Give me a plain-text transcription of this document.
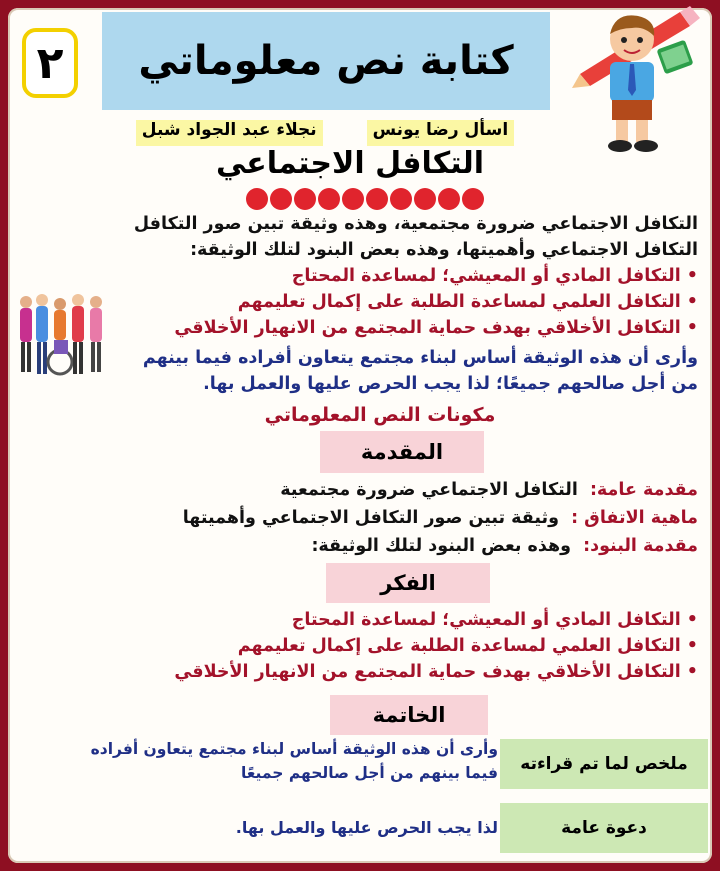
٢	كتابة نص معلوماتي
اسأل رضا يونس
نجلاء عبد الجواد شبل
التكافل الاجتماعي
التكافل الاجتماعي ضرورة مجتمعية، وهذه وثيقة تبين صور التكافل
التكافل الاجتماعي وأهميتها، وهذه بعض البنود لتلك الوثيقة:
• التكافل المادي أو المعيشي؛ لمساعدة المحتاج
• التكافل العلمي لمساعدة الطلبة على إكمال تعليمهم
• التكافل الأخلاقي بهدف حماية المجتمع من الانهيار الأخلاقي
وأرى أن هذه الوثيقة أساس لبناء مجتمع يتعاون أفراده فيما بينهم
من أجل صالحهم جميعًا؛ لذا يجب الحرص عليها والعمل بها.
مكونات النص المعلوماتي
المقدمة
مقدمة عامة: التكافل الاجتماعي ضرورة مجتمعية
ماهية الاتفاق : وثيقة تبين صور التكافل الاجتماعي وأهميتها
مقدمة البنود: وهذه بعض البنود لتلك الوثيقة:
الفكر
• التكافل المادي أو المعيشي؛ لمساعدة المحتاج
• التكافل العلمي لمساعدة الطلبة على إكمال تعليمهم
• التكافل الأخلاقي بهدف حماية المجتمع من الانهيار الأخلاقي
الخاتمة
ملخص لما تم قراءته
وأرى أن هذه الوثيقة أساس لبناء مجتمع يتعاون أفراده
فيما بينهم من أجل صالحهم جميعًا
دعوة عامة
لذا يجب الحرص عليها والعمل بها.
